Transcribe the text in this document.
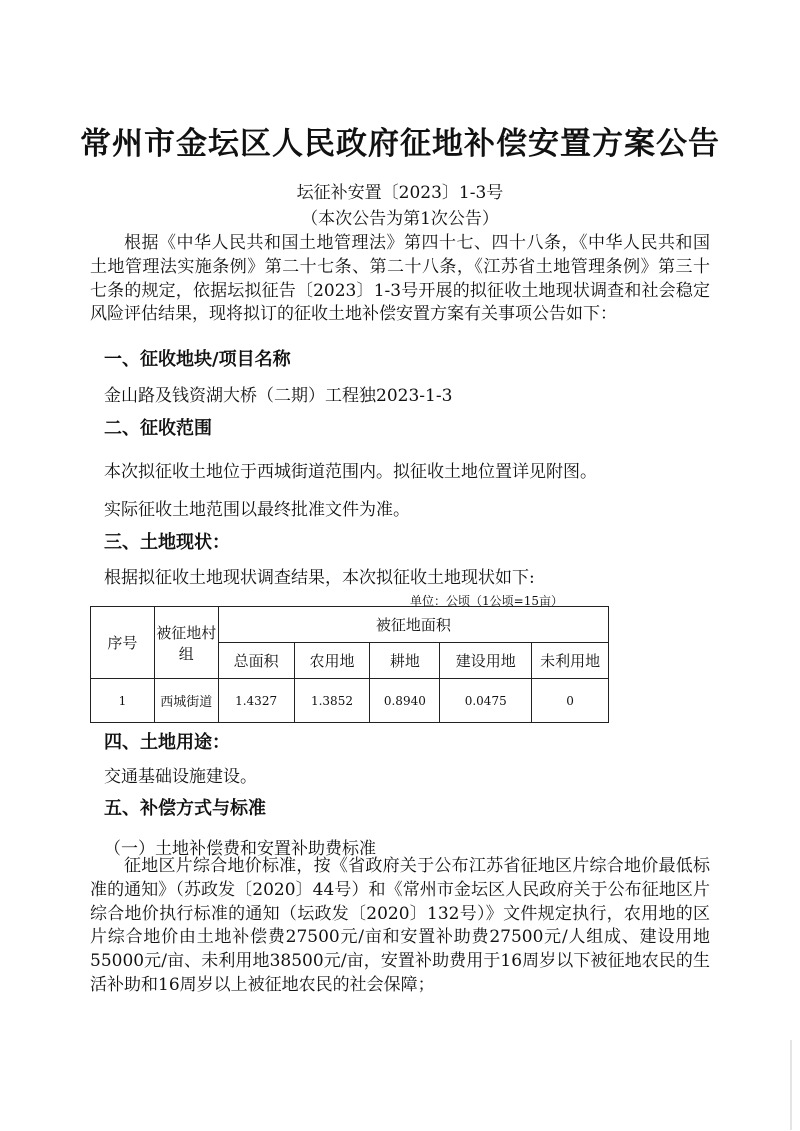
常州市金坛区人民政府征地补偿安置方案公告
坛征补安置〔2023〕1-3号
（本次公告为第1次公告）
根据《中华人民共和国土地管理法》第四十七、四十八条，《中华人民共和国土地管理法实施条例》第二十七条、第二十八条，《江苏省土地管理条例》第三十七条的规定，依据坛拟征告〔2023〕1-3号开展的拟征收土地现状调查和社会稳定风险评估结果，现将拟订的征收土地补偿安置方案有关事项公告如下：
一、征收地块/项目名称
金山路及钱资湖大桥（二期）工程独2023-1-3
二、征收范围
本次拟征收土地位于西城街道范围内。拟征收土地位置详见附图。
实际征收土地范围以最终批准文件为准。
三、土地现状：
根据拟征收土地现状调查结果，本次拟征收土地现状如下:
单位：公顷（1公顷=15亩）
序号	被征地村组	被征地面积				
		总面积	农用地	耕地	建设用地	未利用地
1	西城街道	1.4327	1.3852	0.8940	0.0475	0
四、土地用途：
交通基础设施建设。
五、补偿方式与标准
（一）土地补偿费和安置补助费标准
征地区片综合地价标准，按《省政府关于公布江苏省征地区片综合地价最低标准的通知》（苏政发〔2020〕44号）和《常州市金坛区人民政府关于公布征地区片综合地价执行标准的通知（坛政发〔2020〕132号）》文件规定执行，农用地的区片综合地价由土地补偿费27500元/亩和安置补助费27500元/人组成、建设用地55000元/亩、未利用地38500元/亩，安置补助费用于16周岁以下被征地农民的生活补助和16周岁以上被征地农民的社会保障；
